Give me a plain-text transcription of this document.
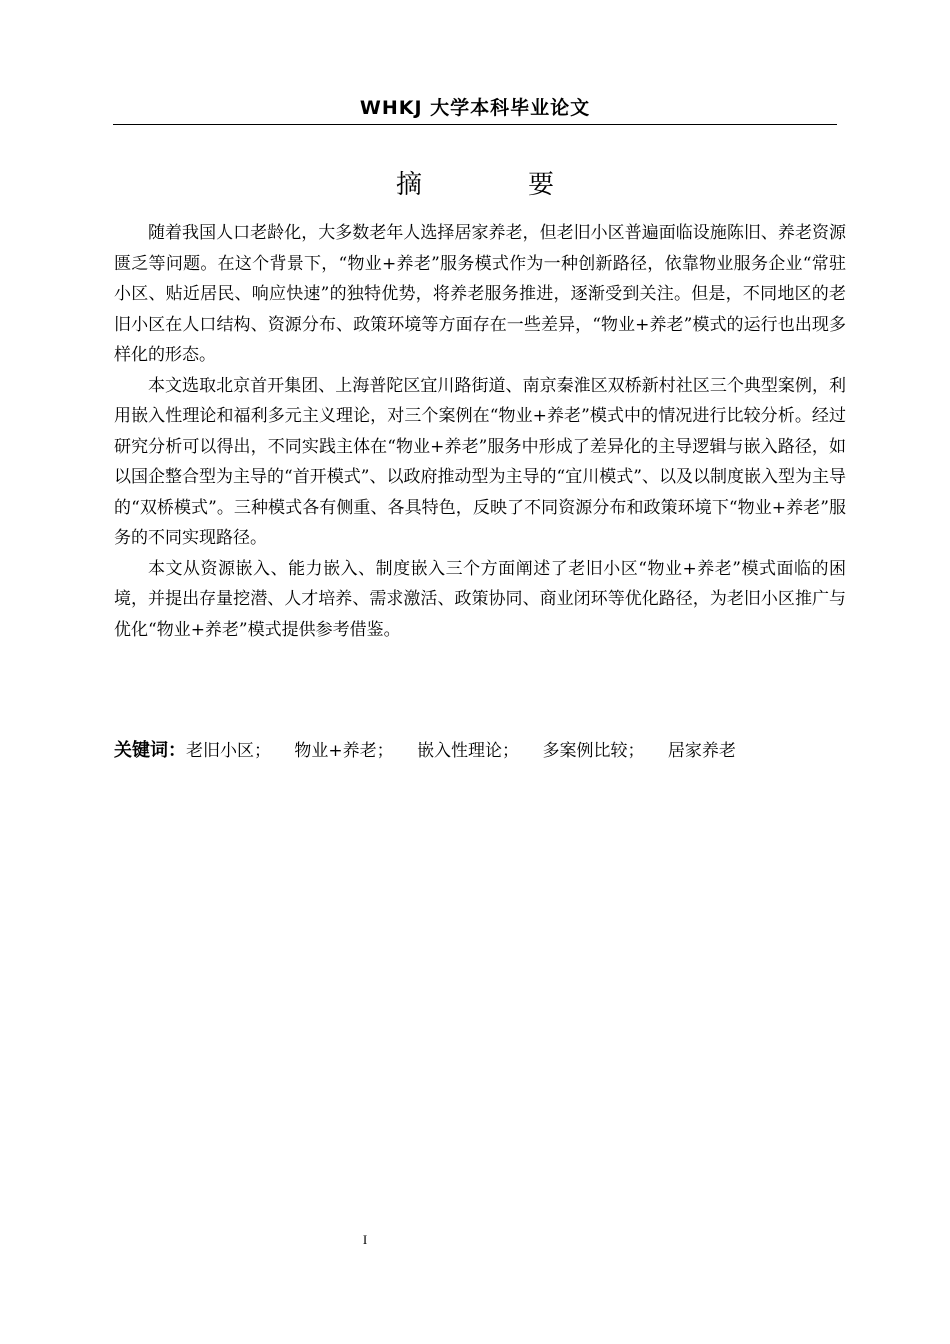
WHKJ 大学本科毕业论文
摘　要

随着我国人口老龄化，大多数老年人选择居家养老，但老旧小区普遍面临设施陈旧、养老资源匮乏等问题。在这个背景下，“物业+养老”服务模式作为一种创新路径，依靠物业服务企业“常驻小区、贴近居民、响应快速”的独特优势，将养老服务推进，逐渐受到关注。但是，不同地区的老旧小区在人口结构、资源分布、政策环境等方面存在一些差异，“物业+养老”模式的运行也出现多样化的形态。

本文选取北京首开集团、上海普陀区宜川路街道、南京秦淮区双桥新村社区三个典型案例，利用嵌入性理论和福利多元主义理论，对三个案例在“物业+养老”模式中的情况进行比较分析。经过研究分析可以得出，不同实践主体在“物业+养老”服务中形成了差异化的主导逻辑与嵌入路径，如以国企整合型为主导的“首开模式”、以政府推动型为主导的“宜川模式”、以及以制度嵌入型为主导的“双桥模式”。三种模式各有侧重、各具特色，反映了不同资源分布和政策环境下“物业+养老”服务的不同实现路径。

本文从资源嵌入、能力嵌入、制度嵌入三个方面阐述了老旧小区“物业+养老”模式面临的困境，并提出存量挖潜、人才培养、需求激活、政策协同、商业闭环等优化路径，为老旧小区推广与优化“物业+养老”模式提供参考借鉴。

关键词：老旧小区； 物业+养老； 嵌入性理论； 多案例比较； 居家养老
I
